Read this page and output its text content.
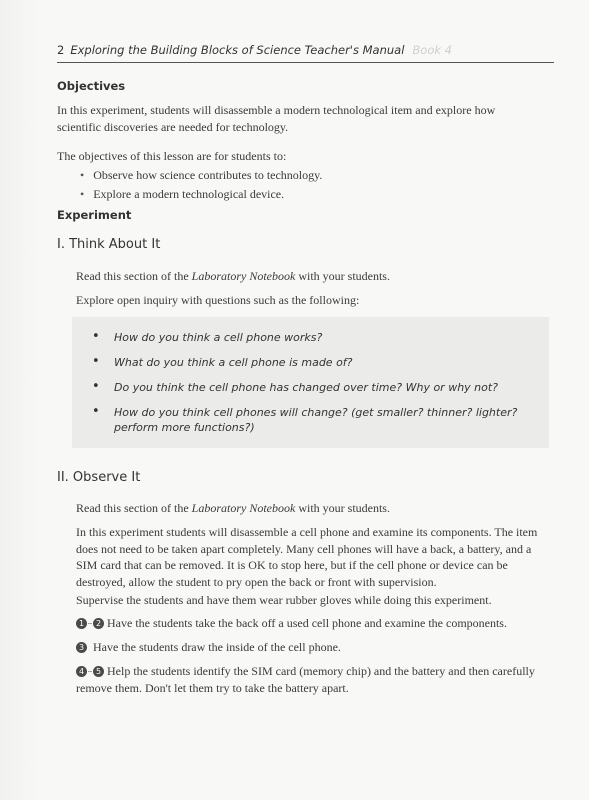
2 Exploring the Building Blocks of Science Teacher's Manual Book 4
Objectives
In this experiment, students will disassemble a modern technological item and explore how scientific discoveries are needed for technology.
The objectives of this lesson are for students to:
• Observe how science contributes to technology.
• Explore a modern technological device.
Experiment
I. Think About It
Read this section of the Laboratory Notebook with your students.
Explore open inquiry with questions such as the following:
• How do you think a cell phone works?
• What do you think a cell phone is made of?
• Do you think the cell phone has changed over time? Why or why not?
• How do you think cell phones will change? (get smaller? thinner? lighter? perform more functions?)
II. Observe It
Read this section of the Laboratory Notebook with your students.
In this experiment students will disassemble a cell phone and examine its components. The item does not need to be taken apart completely. Many cell phones will have a back, a battery, and a SIM card that can be removed. It is OK to stop here, but if the cell phone or device can be destroyed, allow the student to pry open the back or front with supervision.
Supervise the students and have them wear rubber gloves while doing this experiment.
1 – 2 Have the students take the back off a used cell phone and examine the components.
3 Have the students draw the inside of the cell phone.
4 – 5 Help the students identify the SIM card (memory chip) and the battery and then carefully remove them. Don't let them try to take the battery apart.
